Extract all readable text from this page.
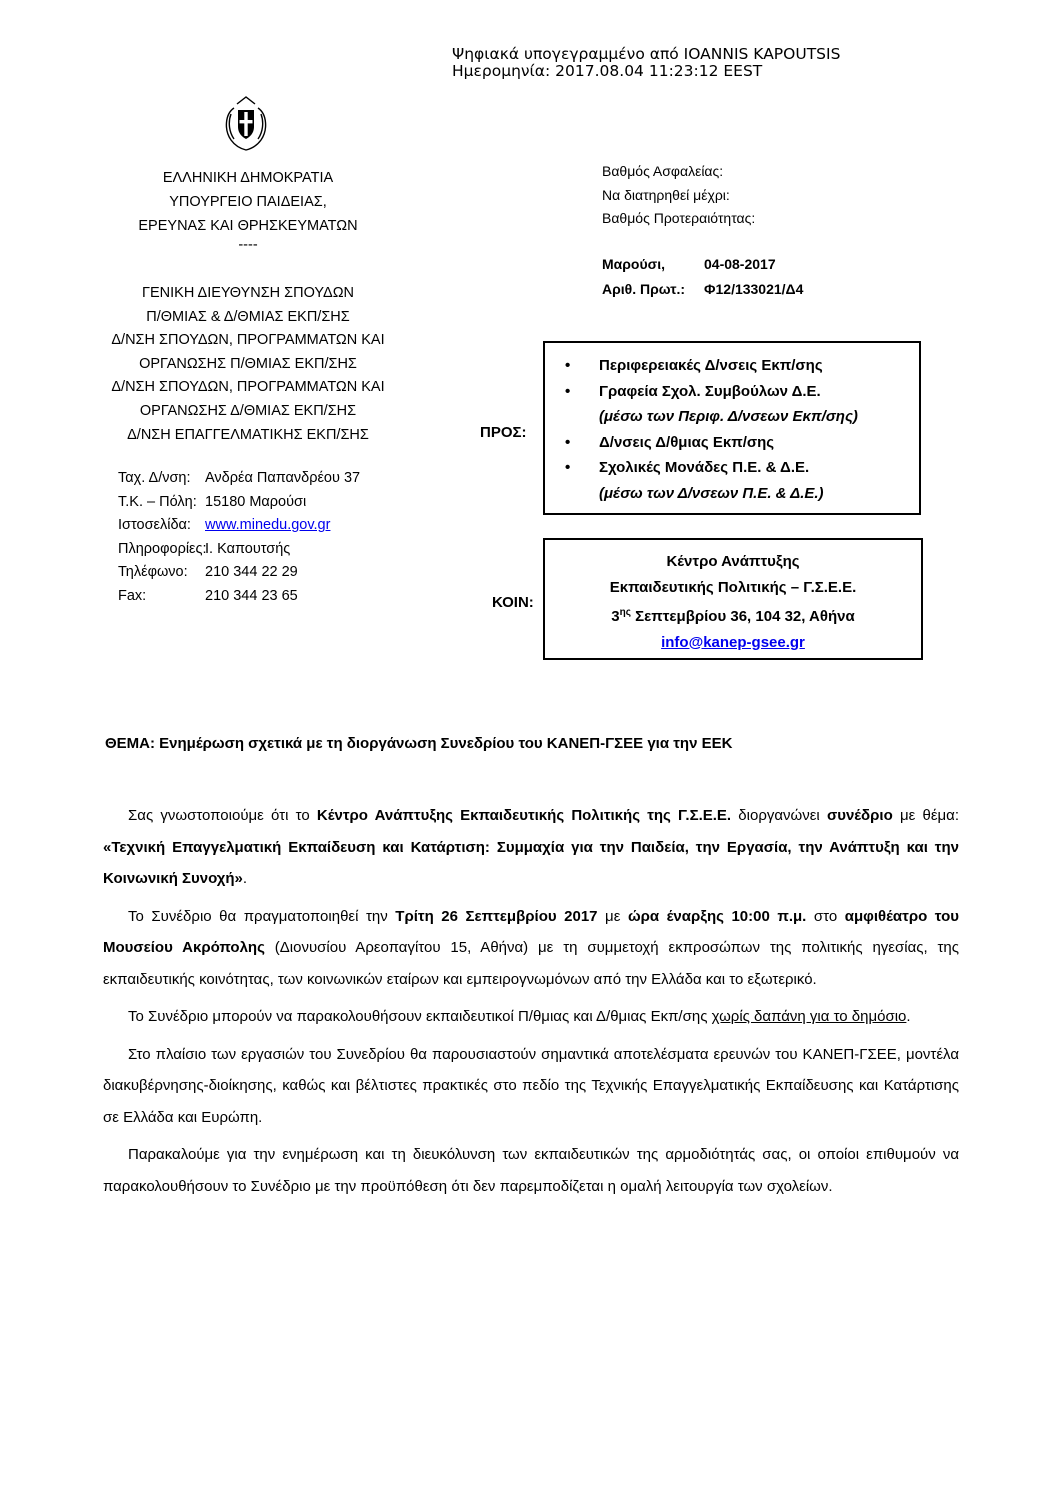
Ψηφιακά υπογεγραμμένο από IOANNIS KAPOUTSIS
Ημερομηνία: 2017.08.04 11:23:12 EEST
ΕΛΛΗΝΙΚΗ ΔΗΜΟΚΡΑΤΙΑ
ΥΠΟΥΡΓΕΙΟ ΠΑΙΔΕΙΑΣ,
ΕΡΕΥΝΑΣ ΚΑΙ ΘΡΗΣΚΕΥΜΑΤΩΝ
----
ΓΕΝΙΚΗ ΔΙΕΥΘΥΝΣΗ ΣΠΟΥΔΩΝ
Π/ΘΜΙΑΣ & Δ/ΘΜΙΑΣ ΕΚΠ/ΣΗΣ
Δ/ΝΣΗ ΣΠΟΥΔΩΝ, ΠΡΟΓΡΑΜΜΑΤΩΝ ΚΑΙ
ΟΡΓΑΝΩΣΗΣ Π/ΘΜΙΑΣ ΕΚΠ/ΣΗΣ
Δ/ΝΣΗ ΣΠΟΥΔΩΝ, ΠΡΟΓΡΑΜΜΑΤΩΝ ΚΑΙ
ΟΡΓΑΝΩΣΗΣ Δ/ΘΜΙΑΣ ΕΚΠ/ΣΗΣ
Δ/ΝΣΗ ΕΠΑΓΓΕΛΜΑΤΙΚΗΣ ΕΚΠ/ΣΗΣ
Ταχ. Δ/νση: Ανδρέα Παπανδρέου 37
Τ.Κ. – Πόλη: 15180 Μαρούσι
Ιστοσελίδα: www.minedu.gov.gr
Πληροφορίες:
Ι. Καπουτσής
Τηλέφωνο:	210 344 22 29
Fax:	210 344 23 65
Βαθμός Ασφαλείας:
Να διατηρηθεί μέχρι:
Βαθμός Προτεραιότητας:
Μαρούσι,	04-08-2017
Αριθ. Πρωτ.:	Φ12/133021/Δ4
ΠΡΟΣ:
• Περιφερειακές Δ/νσεις Εκπ/σης
• Γραφεία Σχολ. Συμβούλων Δ.Ε.
(μέσω των Περιφ. Δ/νσεων Εκπ/σης)
• Δ/νσεις Δ/θμιας Εκπ/σης
• Σχολικές Μονάδες Π.Ε. & Δ.Ε.
(μέσω των Δ/νσεων Π.Ε. & Δ.Ε.)
ΚΟΙΝ:
Κέντρο Ανάπτυξης
Εκπαιδευτικής Πολιτικής – Γ.Σ.Ε.Ε.
$3^{\eta\varsigma}$ Σεπτεμβρίου 36, 104 32, Αθήνα
info@kanep-gsee.gr
ΘΕΜΑ: Ενημέρωση σχετικά με τη διοργάνωση Συνεδρίου του ΚΑΝΕΠ-ΓΣΕΕ για την ΕΕΚ

Σας γνωστοποιούμε ότι το Κέντρο Ανάπτυξης Εκπαιδευτικής Πολιτικής της Γ.Σ.Ε.Ε. διοργανώνει συνέδριο με θέμα: «Τεχνική Επαγγελματική Εκπαίδευση και Κατάρτιση: Συμμαχία για την Παιδεία, την Εργασία, την Ανάπτυξη και την Κοινωνική Συνοχή».

Το Συνέδριο θα πραγματοποιηθεί την Τρίτη 26 Σεπτεμβρίου 2017 με ώρα έναρξης 10:00 π.μ. στο αμφιθέατρο του Μουσείου Ακρόπολης (Διονυσίου Αρεοπαγίτου 15, Αθήνα) με τη συμμετοχή εκπροσώπων της πολιτικής ηγεσίας, της εκπαιδευτικής κοινότητας, των κοινωνικών εταίρων και εμπειρογνωμόνων από την Ελλάδα και το εξωτερικό.

Το Συνέδριο μπορούν να παρακολουθήσουν εκπαιδευτικοί Π/θμιας και Δ/θμιας Εκπ/σης χωρίς δαπάνη για το δημόσιο.

Στο πλαίσιο των εργασιών του Συνεδρίου θα παρουσιαστούν σημαντικά αποτελέσματα ερευνών του ΚΑΝΕΠ-ΓΣΕΕ, μοντέλα διακυβέρνησης-διοίκησης, καθώς και βέλτιστες πρακτικές στο πεδίο της Τεχνικής Επαγγελματικής Εκπαίδευσης και Κατάρτισης σε Ελλάδα και Ευρώπη.

Παρακαλούμε για την ενημέρωση και τη διευκόλυνση των εκπαιδευτικών της αρμοδιότητάς σας, οι οποίοι επιθυμούν να παρακολουθήσουν το Συνέδριο με την προϋπόθεση ότι δεν παρεμποδίζεται η ομαλή λειτουργία των σχολείων.
